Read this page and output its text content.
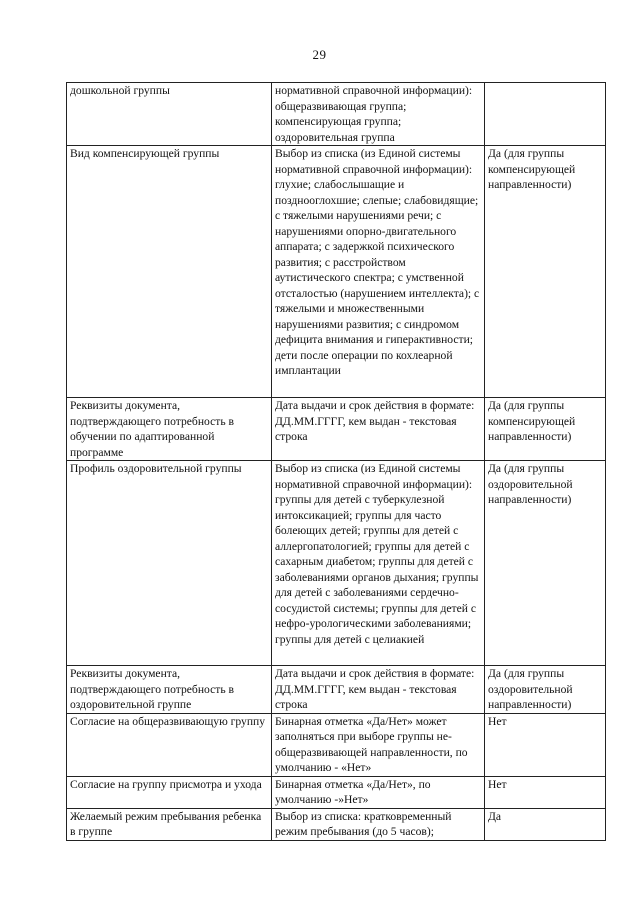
29
дошкольной группы	нормативной справочной информации): общеразвивающая группа; компенсирующая группа; оздоровительная группа	

Вид компенсирующей группы	Выбор из списка (из Единой системы нормативной справочной информации): глухие; слабослышащие и позднооглохшие; слепые; слабовидящие; с тяжелыми нарушениями речи; с нарушениями опорно-двигательного аппарата; с задержкой психического развития; с расстройством аутистического спектра; с умственной отсталостью (нарушением интеллекта); с тяжелыми и множественными нарушениями развития; с синдромом дефицита внимания и гиперактивности; дети после операции по кохлеарной имплантации	Да (для группы компенсирующей направленности)

Реквизиты документа, подтверждающего потребность в обучении по адаптированной программе	Дата выдачи и срок действия в формате: ДД.ММ.ГГГГ, кем выдан - текстовая строка	Да (для группы компенсирующей направленности)

Профиль оздоровительной группы	Выбор из списка (из Единой системы нормативной справочной информации): группы для детей с туберкулезной интоксикацией; группы для часто болеющих детей; группы для детей с аллергопатологией; группы для детей с сахарным диабетом; группы для детей с заболеваниями органов дыхания; группы для детей с заболеваниями сердечно-сосудистой системы; группы для детей с нефро-урологическими заболеваниями; группы для детей с целиакией	Да (для группы оздоровительной направленности)

Реквизиты документа, подтверждающего потребность в оздоровительной группе	Дата выдачи и срок действия в формате: ДД.ММ.ГГГГ, кем выдан - текстовая строка	Да (для группы оздоровительной направленности)

Согласие на общеразвивающую группу	Бинарная отметка «Да/Нет» может заполняться при выборе группы не-общеразвивающей направленности, по умолчанию - «Нет»	Нет

Согласие на группу присмотра и ухода	Бинарная отметка «Да/Нет», по умолчанию -»Нет»	Нет

Желаемый режим пребывания ребенка в группе	Выбор из списка: кратковременный режим пребывания (до 5 часов);	Да
